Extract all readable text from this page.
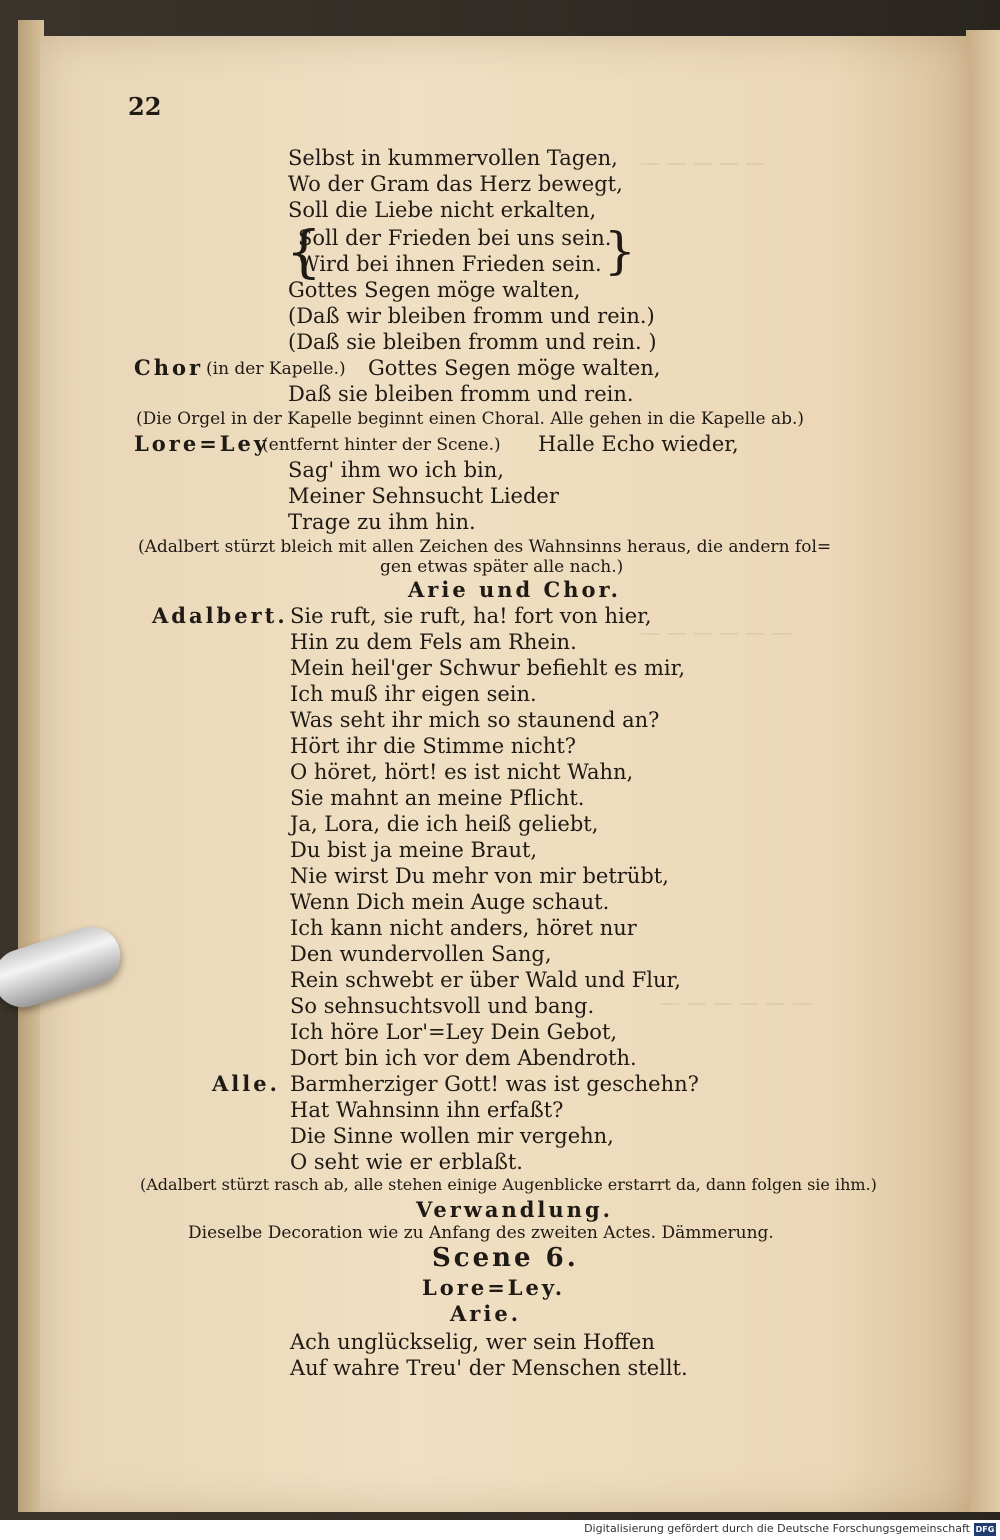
— — — — —
— — — — — —
— — — — — —
22
Selbst in kummervollen Tagen,
Wo der Gram das Herz bewegt,
Soll die Liebe nicht erkalten,
{
Soll der Frieden bei uns sein.
Wird bei ihnen Frieden sein. }
Gottes Segen möge walten,
(Daß wir bleiben fromm und rein.)
(Daß sie bleiben fromm und rein. )
Chor (in der Kapelle.) Gottes Segen möge walten,
Daß sie bleiben fromm und rein.
(Die Orgel in der Kapelle beginnt einen Choral. Alle gehen in die Kapelle ab.)
Lore=Ley
(entfernt hinter der Scene.) Halle Echo wieder,
Sag' ihm wo ich bin,
Meiner Sehnsucht Lieder
Trage zu ihm hin.
(Adalbert stürzt bleich mit allen Zeichen des Wahnsinns heraus, die andern fol=
gen etwas später alle nach.)
Arie und Chor.
Adalbert. Sie ruft, sie ruft, ha! fort von hier,
Hin zu dem Fels am Rhein.
Mein heil'ger Schwur befiehlt es mir,
Ich muß ihr eigen sein.
Was seht ihr mich so staunend an?
Hört ihr die Stimme nicht?
O höret, hört! es ist nicht Wahn,
Sie mahnt an meine Pflicht.
Ja, Lora, die ich heiß geliebt,
Du bist ja meine Braut,
Nie wirst Du mehr von mir betrübt,
Wenn Dich mein Auge schaut.
Ich kann nicht anders, höret nur
Den wundervollen Sang,
Rein schwebt er über Wald und Flur,
So sehnsuchtsvoll und bang.
Ich höre Lor'=Ley Dein Gebot,
Dort bin ich vor dem Abendroth.
Alle. Barmherziger Gott! was ist geschehn?
Hat Wahnsinn ihn erfaßt?
Die Sinne wollen mir vergehn,
O seht wie er erblaßt.
(Adalbert stürzt rasch ab, alle stehen einige Augenblicke erstarrt da, dann folgen sie ihm.)
Verwandlung.
Dieselbe Decoration wie zu Anfang des zweiten Actes. Dämmerung.
Scene 6.
Lore=Ley.
Arie.
Ach unglückselig, wer sein Hoffen
Auf wahre Treu' der Menschen stellt.
Digitalisierung gefördert durch die Deutsche Forschungsgemeinschaft DFG
